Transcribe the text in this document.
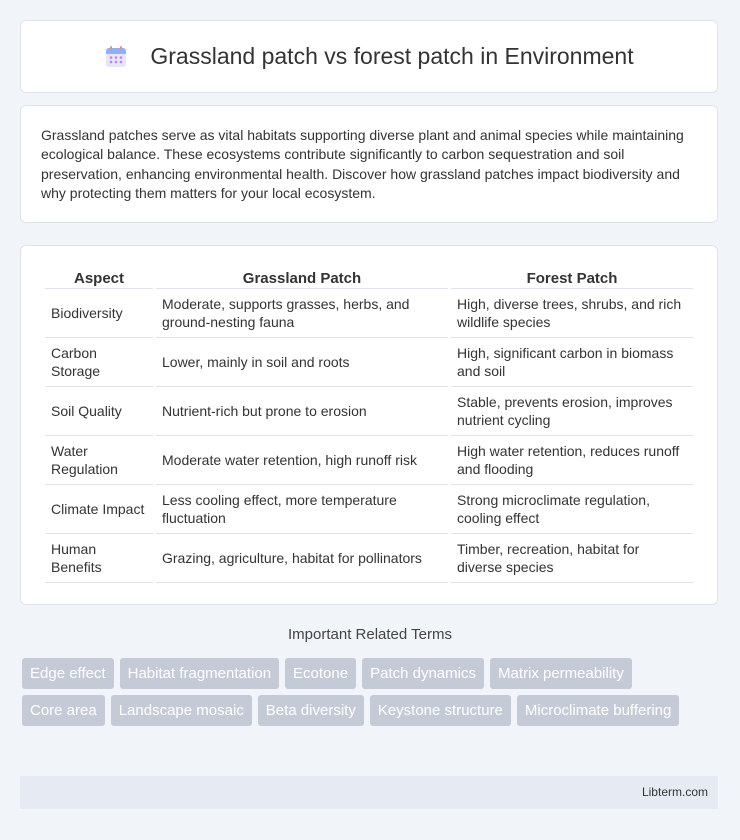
Grassland patch vs forest patch in Environment

Grassland patches serve as vital habitats supporting diverse plant and animal species while maintaining ecological balance. These ecosystems contribute significantly to carbon sequestration and soil preservation, enhancing environmental health. Discover how grassland patches impact biodiversity and why protecting them matters for your local ecosystem.

Aspect	Grassland Patch	Forest Patch
Biodiversity	Moderate, supports grasses, herbs, and ground-nesting fauna	High, diverse trees, shrubs, and rich wildlife species
Carbon Storage	Lower, mainly in soil and roots	High, significant carbon in biomass and soil
Soil Quality	Nutrient-rich but prone to erosion	Stable, prevents erosion, improves nutrient cycling
Water Regulation	Moderate water retention, high runoff risk	High water retention, reduces runoff and flooding
Climate Impact	Less cooling effect, more temperature fluctuation	Strong microclimate regulation, cooling effect
Human Benefits	Grazing, agriculture, habitat for pollinators	Timber, recreation, habitat for diverse species
Important Related Terms
Edge effect	Habitat fragmentation	Ecotone	Patch dynamics	Matrix permeability
Core area	Landscape mosaic	Beta diversity	Keystone structure	Microclimate buffering
Libterm.com
